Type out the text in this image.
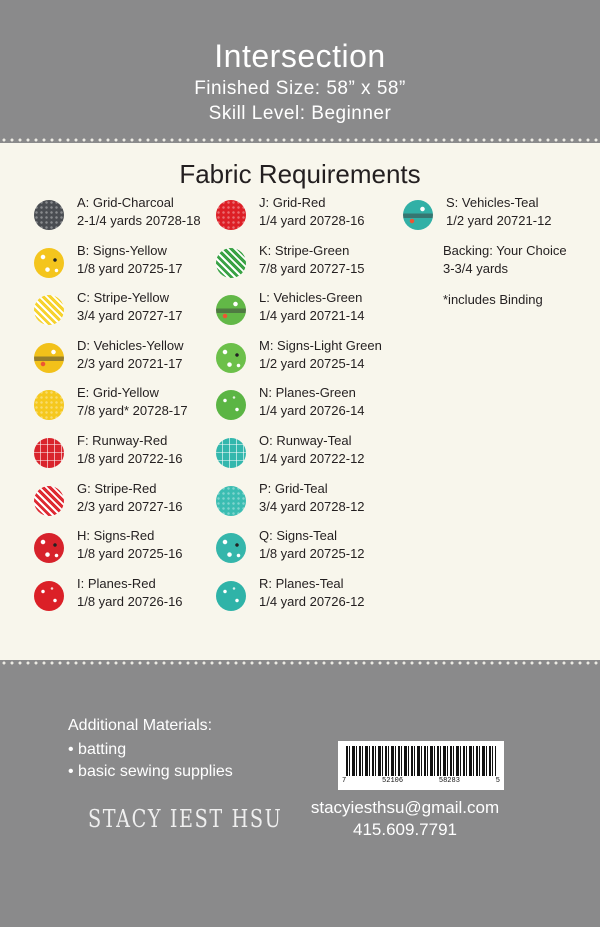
Intersection
Finished Size: 58” x 58”
Skill Level: Beginner
Fabric Requirements
A: Grid-Charcoal
2-1/4 yards 20728-18
B: Signs-Yellow
1/8 yard 20725-17
C: Stripe-Yellow
3/4 yard 20727-17
D: Vehicles-Yellow
2/3 yard 20721-17
E: Grid-Yellow
7/8 yard* 20728-17
F: Runway-Red
1/8 yard 20722-16
G: Stripe-Red
2/3 yard 20727-16
H: Signs-Red
1/8 yard 20725-16
I: Planes-Red
1/8 yard 20726-16
J: Grid-Red
1/4 yard 20728-16
K: Stripe-Green
7/8 yard 20727-15
L: Vehicles-Green
1/4 yard 20721-14
M: Signs-Light Green
1/2 yard 20725-14
N: Planes-Green
1/4 yard 20726-14
O: Runway-Teal
1/4 yard 20722-12
P: Grid-Teal
3/4 yard 20728-12
Q: Signs-Teal
1/8 yard 20725-12
R: Planes-Teal
1/4 yard 20726-12
S: Vehicles-Teal
1/2 yard 20721-12
Backing: Your Choice
3-3/4 yards
*includes Binding
Additional Materials:
• batting
• basic sewing supplies
STACY IEST HSU
7	52106	58283	5
stacyiesthsu@gmail.com
415.609.7791
